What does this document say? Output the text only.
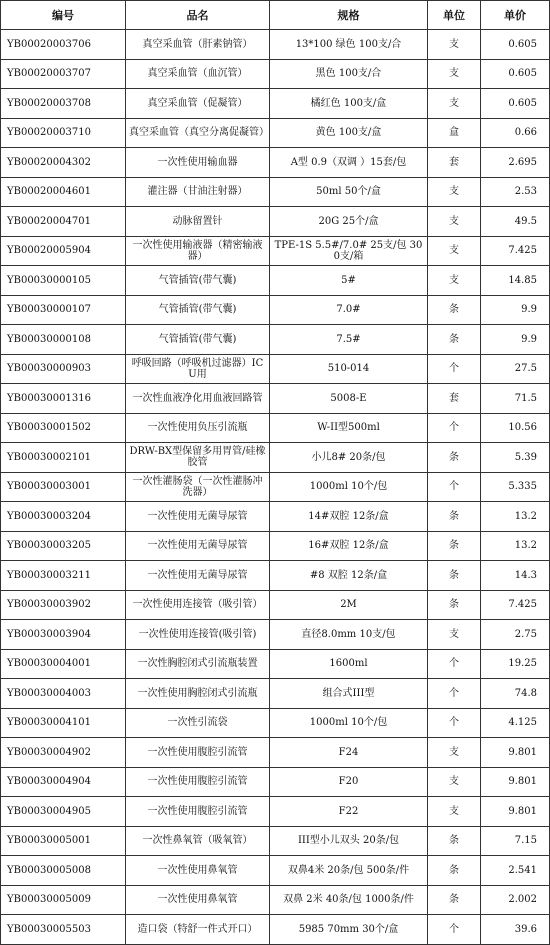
编号	品名	规格	单位	单价
YB00020003706	真空采血管（肝素钠管）	13*100 绿色 100支/合	支	0.605
YB00020003707	真空采血管（血沉管）	黑色 100支/合	支	0.605
YB00020003708	真空采血管（促凝管）	橘红色 100支/盒	支	0.605
YB00020003710	真空采血管（真空分离促凝管）	黄色 100支/盒	盒	0.66
YB00020004302	一次性使用输血器	A型 0.9（双调 ）15套/包	套	2.695
YB00020004601	灌注器（甘油注射器）	50ml 50个/盒	支	2.53
YB00020004701	动脉留置针	20G 25个/盒	支	49.5
YB00020005904	一次性使用输液器（精密输液器）	TPE-1S 5.5#/7.0# 25支/包 300支/箱	支	7.425
YB00030000105	气管插管(带气囊)	5#	支	14.85
YB00030000107	气管插管(带气囊)	7.0#	条	9.9
YB00030000108	气管插管(带气囊)	7.5#	条	9.9
YB00030000903	呼吸回路（呼吸机过滤器）ICU用	510-014	个	27.5
YB00030001316	一次性血液净化用血液回路管	5008-E	套	71.5
YB00030001502	一次性使用负压引流瓶	W-II型500ml	个	10.56
YB00030002101	DRW-BX型保留多用胃管/硅橡胶管	小儿8# 20条/包	条	5.39
YB00030003001	一次性灌肠袋（一次性灌肠冲洗器）	1000ml 10个/包	个	5.335
YB00030003204	一次性使用无菌导尿管	14#双腔 12条/盒	条	13.2
YB00030003205	一次性使用无菌导尿管	16#双腔 12条/盒	条	13.2
YB00030003211	一次性使用无菌导尿管	#8 双腔 12条/盒	条	14.3
YB00030003902	一次性使用连接管（吸引管）	2M	条	7.425
YB00030003904	一次性使用连接管(吸引管)	直径8.0mm 10支/包	支	2.75
YB00030004001	一次性胸腔闭式引流瓶装置	1600ml	个	19.25
YB00030004003	一次性使用胸腔闭式引流瓶	组合式III型	个	74.8
YB00030004101	一次性引流袋	1000ml 10个/包	个	4.125
YB00030004902	一次性使用腹腔引流管	F24	支	9.801
YB00030004904	一次性使用腹腔引流管	F20	支	9.801
YB00030004905	一次性使用腹腔引流管	F22	支	9.801
YB00030005001	一次性鼻氧管（吸氧管）	III型小儿双头 20条/包	条	7.15
YB00030005008	一次性使用鼻氧管	双鼻4米 20条/包 500条/件	条	2.541
YB00030005009	一次性使用鼻氧管	双鼻 2米 40条/包 1000条/件	条	2.002
YB00030005503	造口袋（特舒一件式开口）	5985 70mm 30个/盒	个	39.6
